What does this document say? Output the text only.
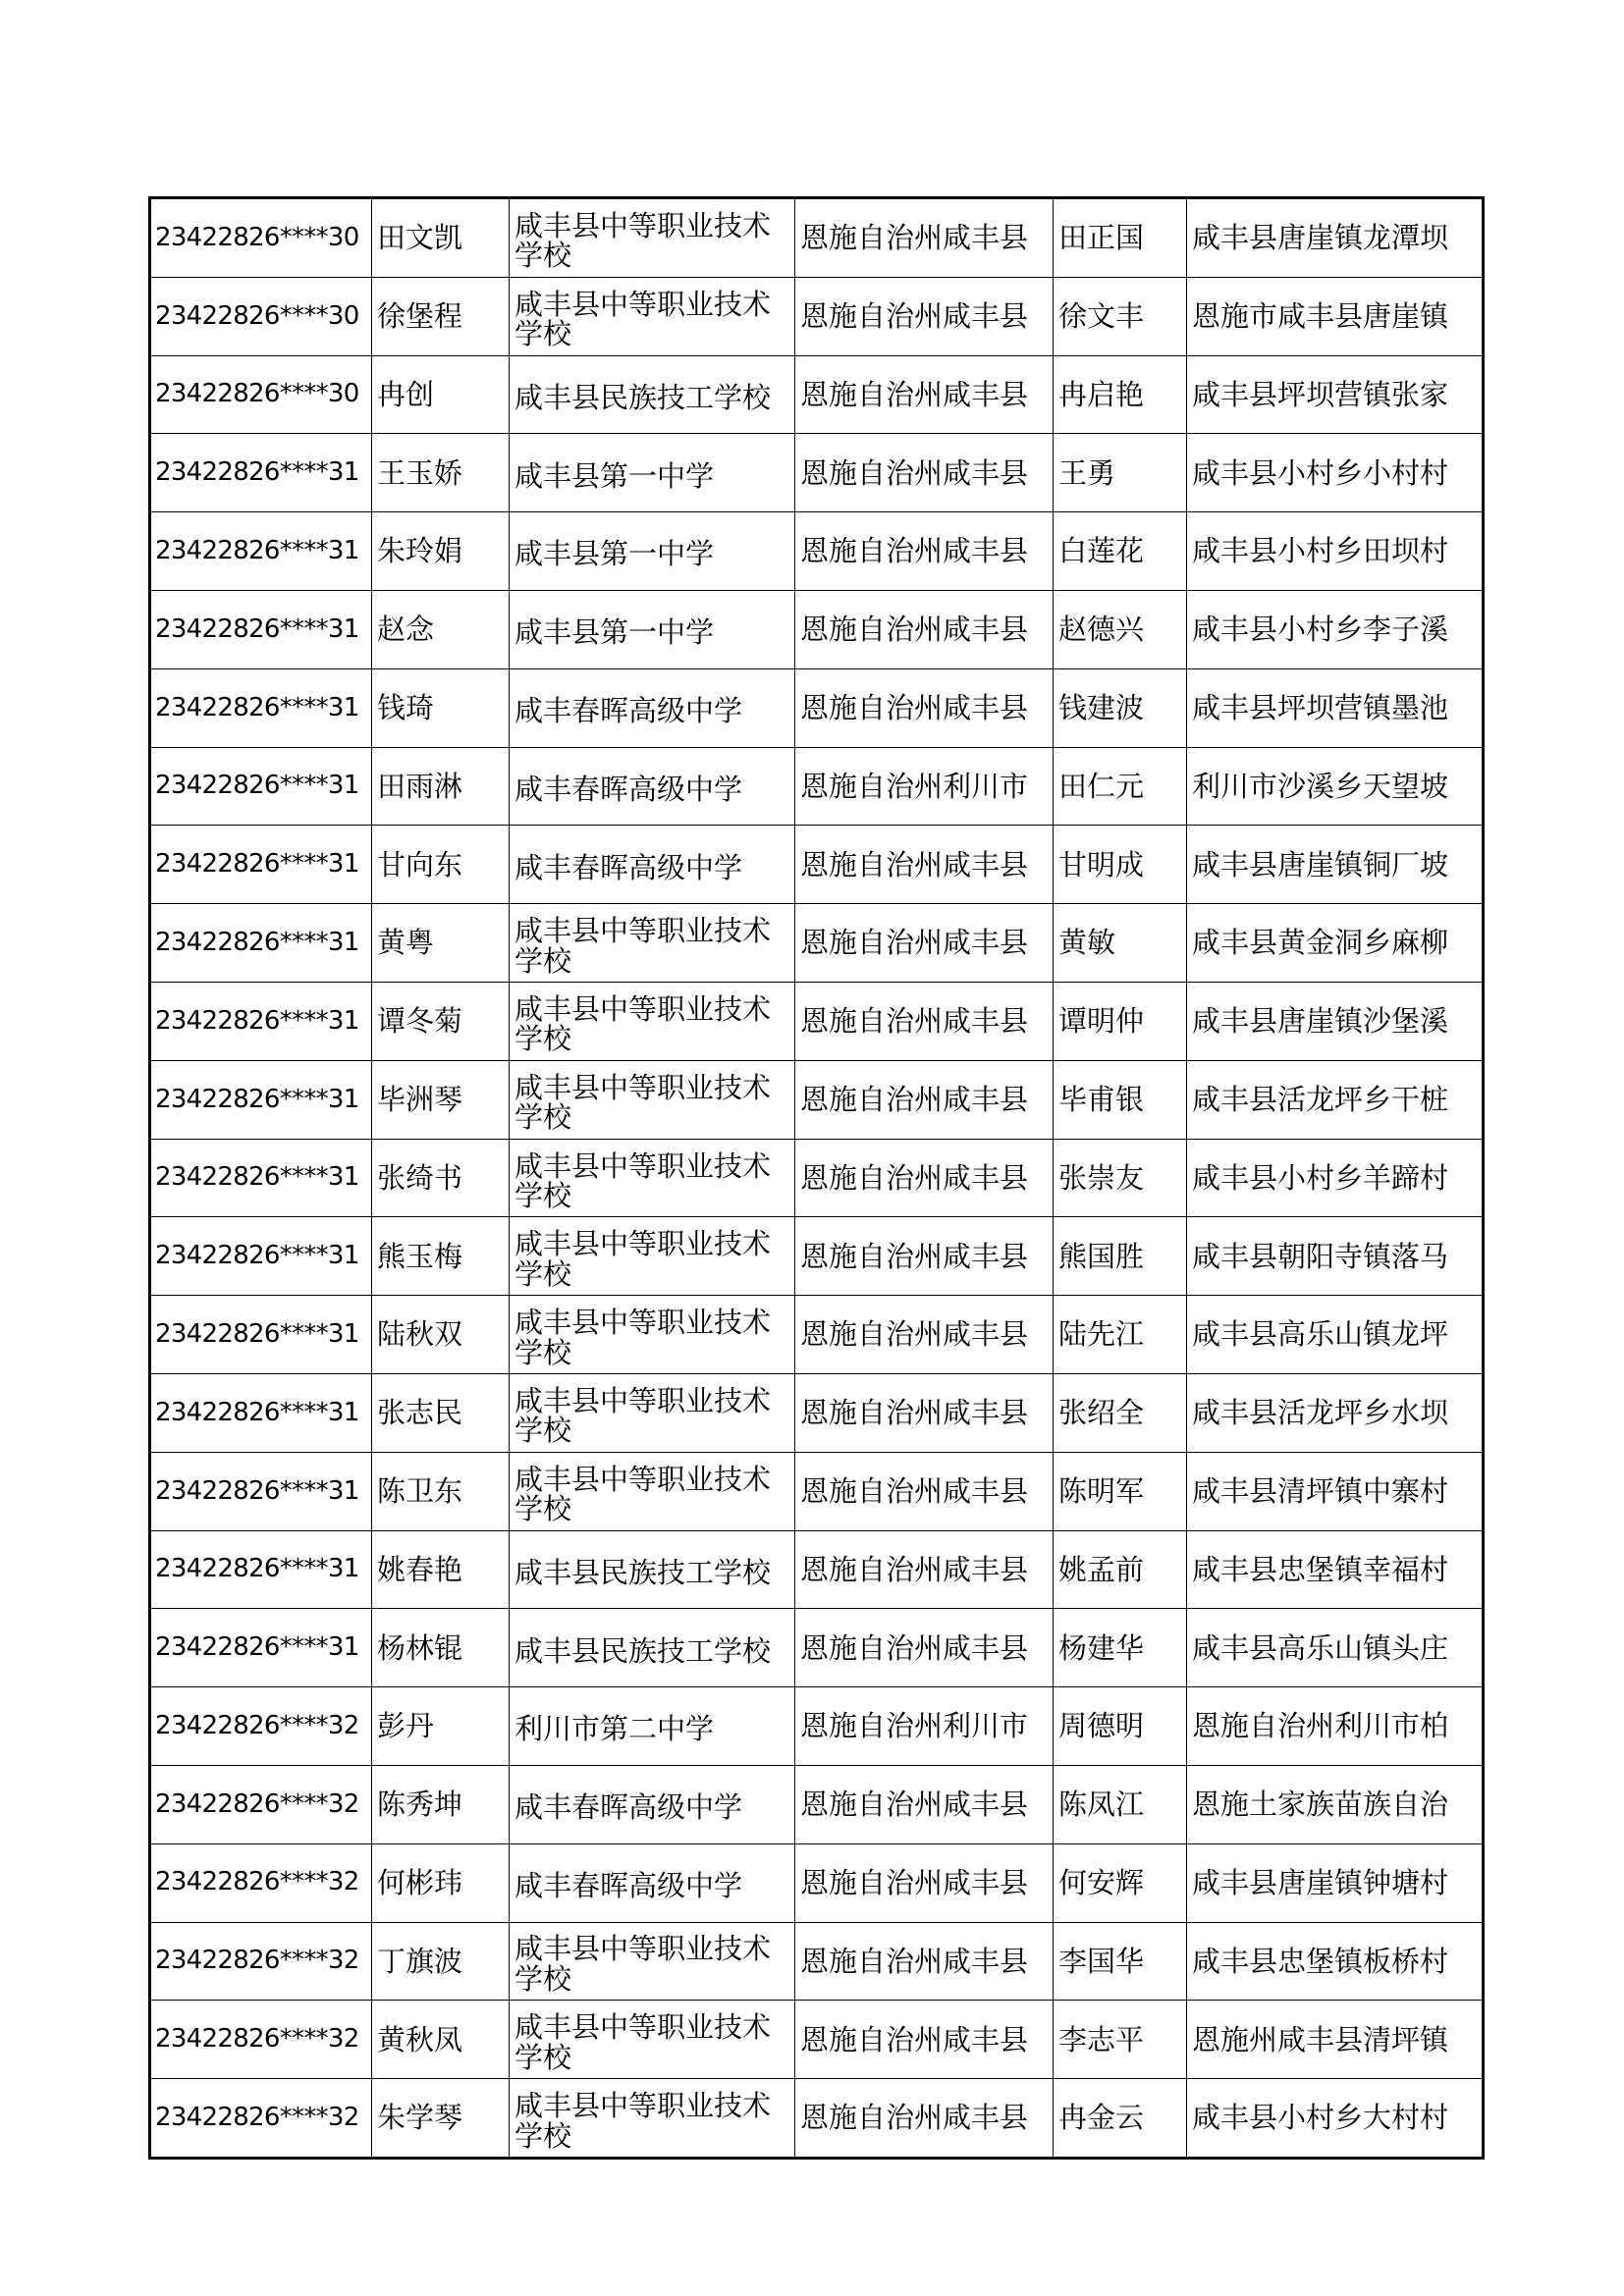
23422826****30	田文凯	咸丰县中等职业技术学校	恩施自治州咸丰县	田正国	咸丰县唐崖镇龙潭坝
23422826****30	徐堡程	咸丰县中等职业技术学校	恩施自治州咸丰县	徐文丰	恩施市咸丰县唐崖镇
23422826****30	冉创	咸丰县民族技工学校	恩施自治州咸丰县	冉启艳	咸丰县坪坝营镇张家
23422826****31	王玉娇	咸丰县第一中学	恩施自治州咸丰县	王勇	咸丰县小村乡小村村
23422826****31	朱玲娟	咸丰县第一中学	恩施自治州咸丰县	白莲花	咸丰县小村乡田坝村
23422826****31	赵念	咸丰县第一中学	恩施自治州咸丰县	赵德兴	咸丰县小村乡李子溪
23422826****31	钱琦	咸丰春晖高级中学	恩施自治州咸丰县	钱建波	咸丰县坪坝营镇墨池
23422826****31	田雨淋	咸丰春晖高级中学	恩施自治州利川市	田仁元	利川市沙溪乡天望坡
23422826****31	甘向东	咸丰春晖高级中学	恩施自治州咸丰县	甘明成	咸丰县唐崖镇铜厂坡
23422826****31	黄粤	咸丰县中等职业技术学校	恩施自治州咸丰县	黄敏	咸丰县黄金洞乡麻柳
23422826****31	谭冬菊	咸丰县中等职业技术学校	恩施自治州咸丰县	谭明仲	咸丰县唐崖镇沙堡溪
23422826****31	毕洲琴	咸丰县中等职业技术学校	恩施自治州咸丰县	毕甫银	咸丰县活龙坪乡干桩
23422826****31	张绮书	咸丰县中等职业技术学校	恩施自治州咸丰县	张崇友	咸丰县小村乡羊蹄村
23422826****31	熊玉梅	咸丰县中等职业技术学校	恩施自治州咸丰县	熊国胜	咸丰县朝阳寺镇落马
23422826****31	陆秋双	咸丰县中等职业技术学校	恩施自治州咸丰县	陆先江	咸丰县高乐山镇龙坪
23422826****31	张志民	咸丰县中等职业技术学校	恩施自治州咸丰县	张绍全	咸丰县活龙坪乡水坝
23422826****31	陈卫东	咸丰县中等职业技术学校	恩施自治州咸丰县	陈明军	咸丰县清坪镇中寨村
23422826****31	姚春艳	咸丰县民族技工学校	恩施自治州咸丰县	姚孟前	咸丰县忠堡镇幸福村
23422826****31	杨林锟	咸丰县民族技工学校	恩施自治州咸丰县	杨建华	咸丰县高乐山镇头庄
23422826****32	彭丹	利川市第二中学	恩施自治州利川市	周德明	恩施自治州利川市柏
23422826****32	陈秀坤	咸丰春晖高级中学	恩施自治州咸丰县	陈凤江	恩施土家族苗族自治
23422826****32	何彬玮	咸丰春晖高级中学	恩施自治州咸丰县	何安辉	咸丰县唐崖镇钟塘村
23422826****32	丁旗波	咸丰县中等职业技术学校	恩施自治州咸丰县	李国华	咸丰县忠堡镇板桥村
23422826****32	黄秋凤	咸丰县中等职业技术学校	恩施自治州咸丰县	李志平	恩施州咸丰县清坪镇
23422826****32	朱学琴	咸丰县中等职业技术学校	恩施自治州咸丰县	冉金云	咸丰县小村乡大村村
